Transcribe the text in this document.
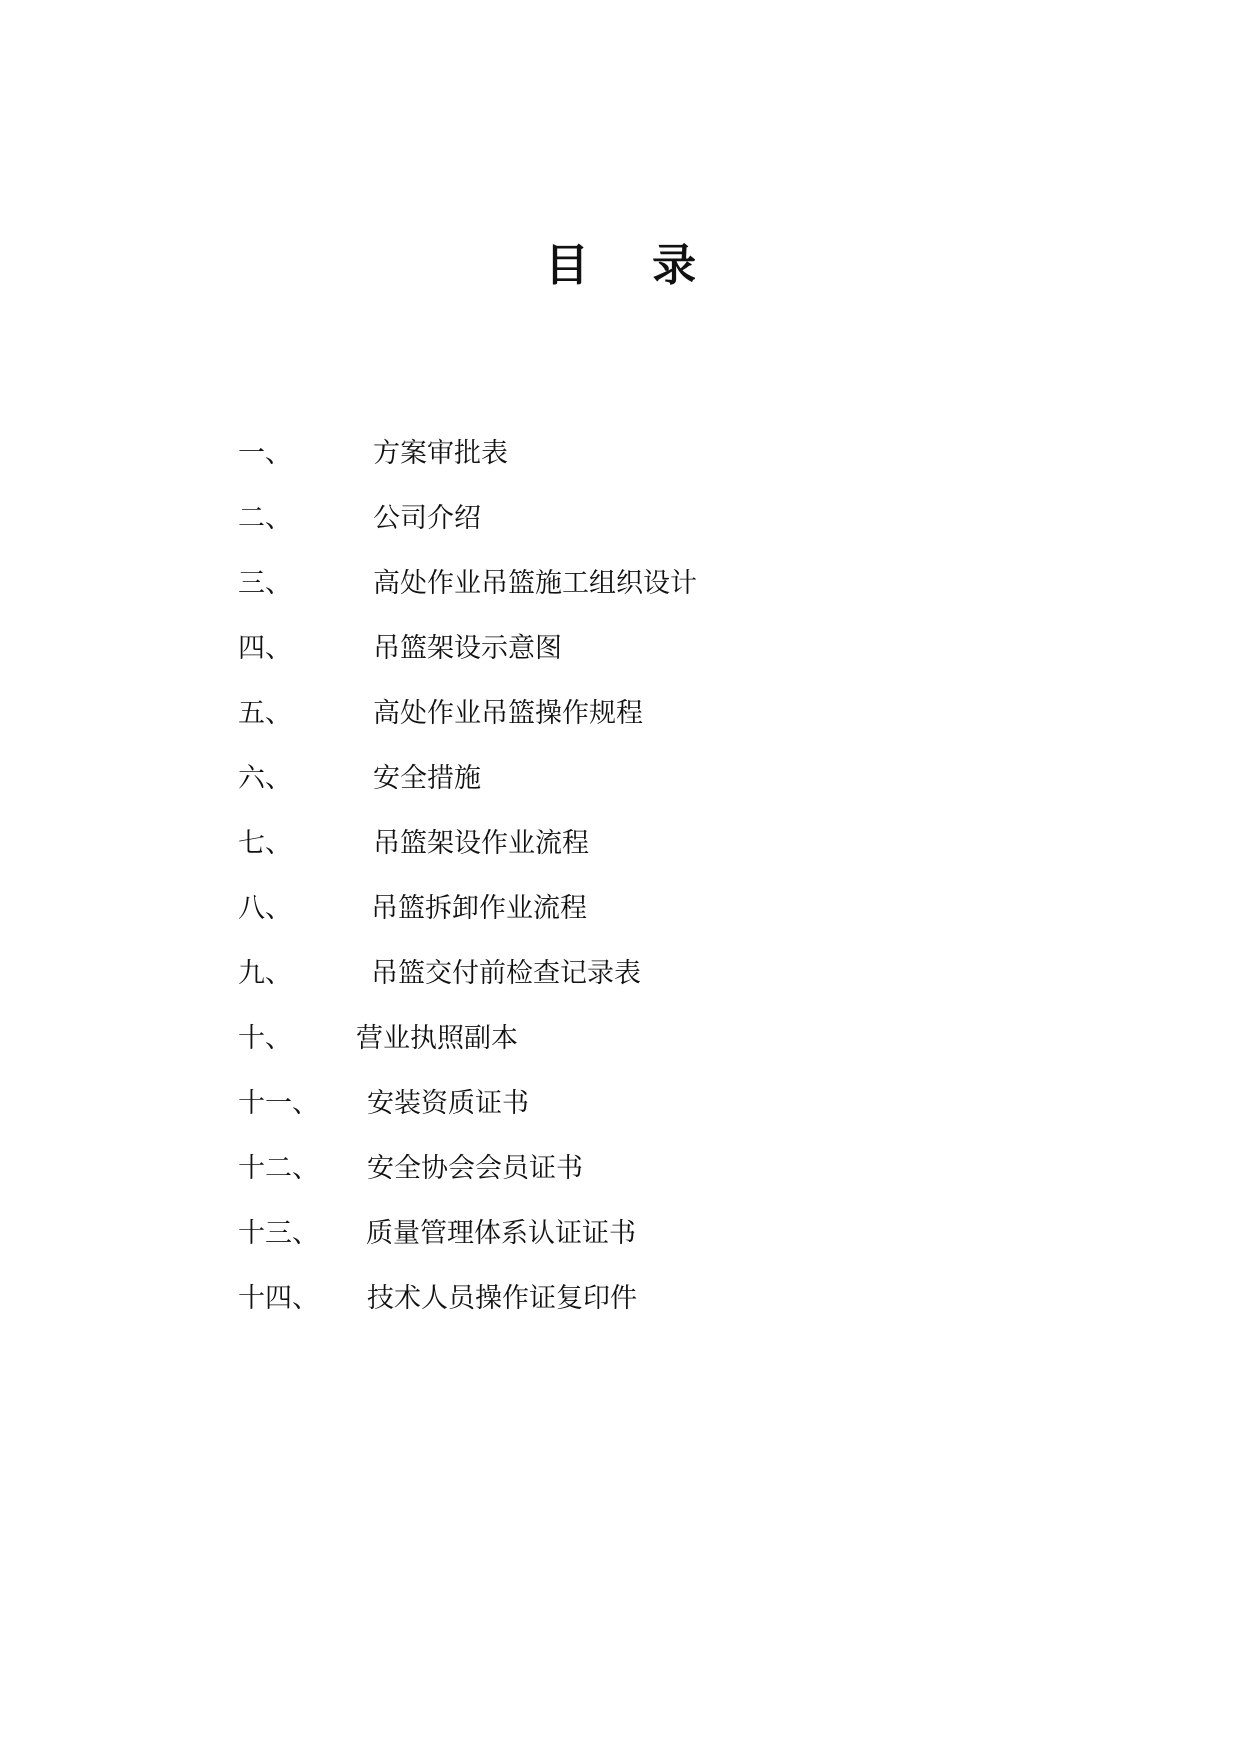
目 录
一、	方案审批表
二、	公司介绍
三、	高处作业吊篮施工组织设计
四、	吊篮架设示意图
五、	高处作业吊篮操作规程
六、	安全措施
七、	吊篮架设作业流程
八、	吊篮拆卸作业流程
九、	吊篮交付前检查记录表
十、 营业执照副本
十一、 安装资质证书
十二、 安全协会会员证书
十三、 质量管理体系认证证书
十四、 技术人员操作证复印件
